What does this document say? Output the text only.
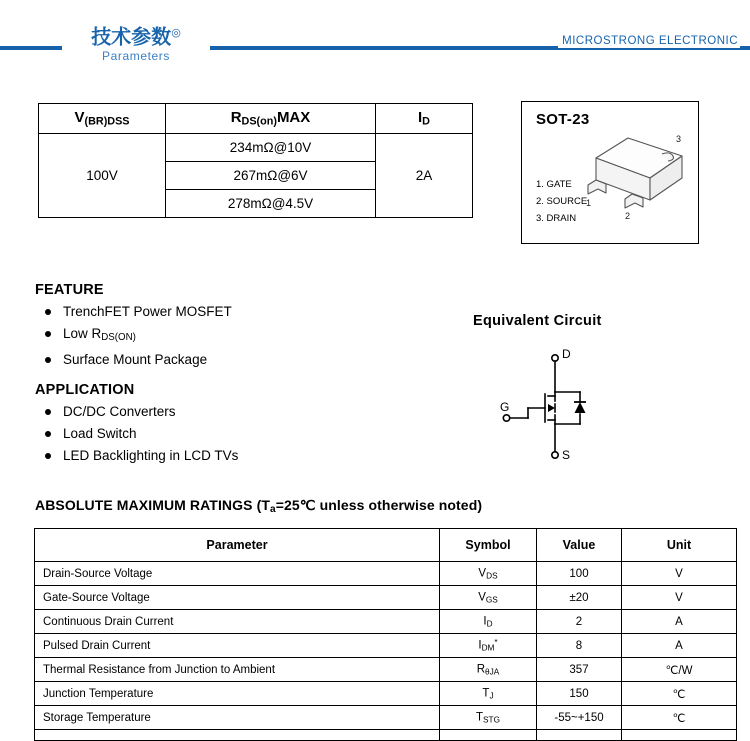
技术参数◎
Parameters
MICROSTRONG ELECTRONIC
$V_{(BR)DSS}$	$R_{DS(on)}MAX$	$I_D$
100V	234mΩ@10V	2A
	267mΩ@6V	
	278mΩ@4.5V	
SOT-23
1. GATE
2. SOURCE
3. DRAIN
1
2
3
FEATURE
TrenchFET Power MOSFET
Low $R_{DS(ON)}$
Surface Mount Package
APPLICATION
DC/DC Converters
Load Switch
LED Backlighting in LCD TVs
Equivalent Circuit
D
G
S
ABSOLUTE MAXIMUM RATINGS ($T_a=25℃$ unless otherwise noted)
Parameter	Symbol	Value	Unit
Drain-Source Voltage	$V_{DS}$	100	V
Gate-Source Voltage	$V_{GS}$	±20	V
Continuous Drain Current	$I_D$	2	A
Pulsed Drain Current	$I_{DM}^*$	8	A
Thermal Resistance from Junction to Ambient	$R_{\theta JA}$	357	℃/W
Junction Temperature	$T_J$	150	℃
Storage Temperature	$T_{STG}$	-55~+150	℃
